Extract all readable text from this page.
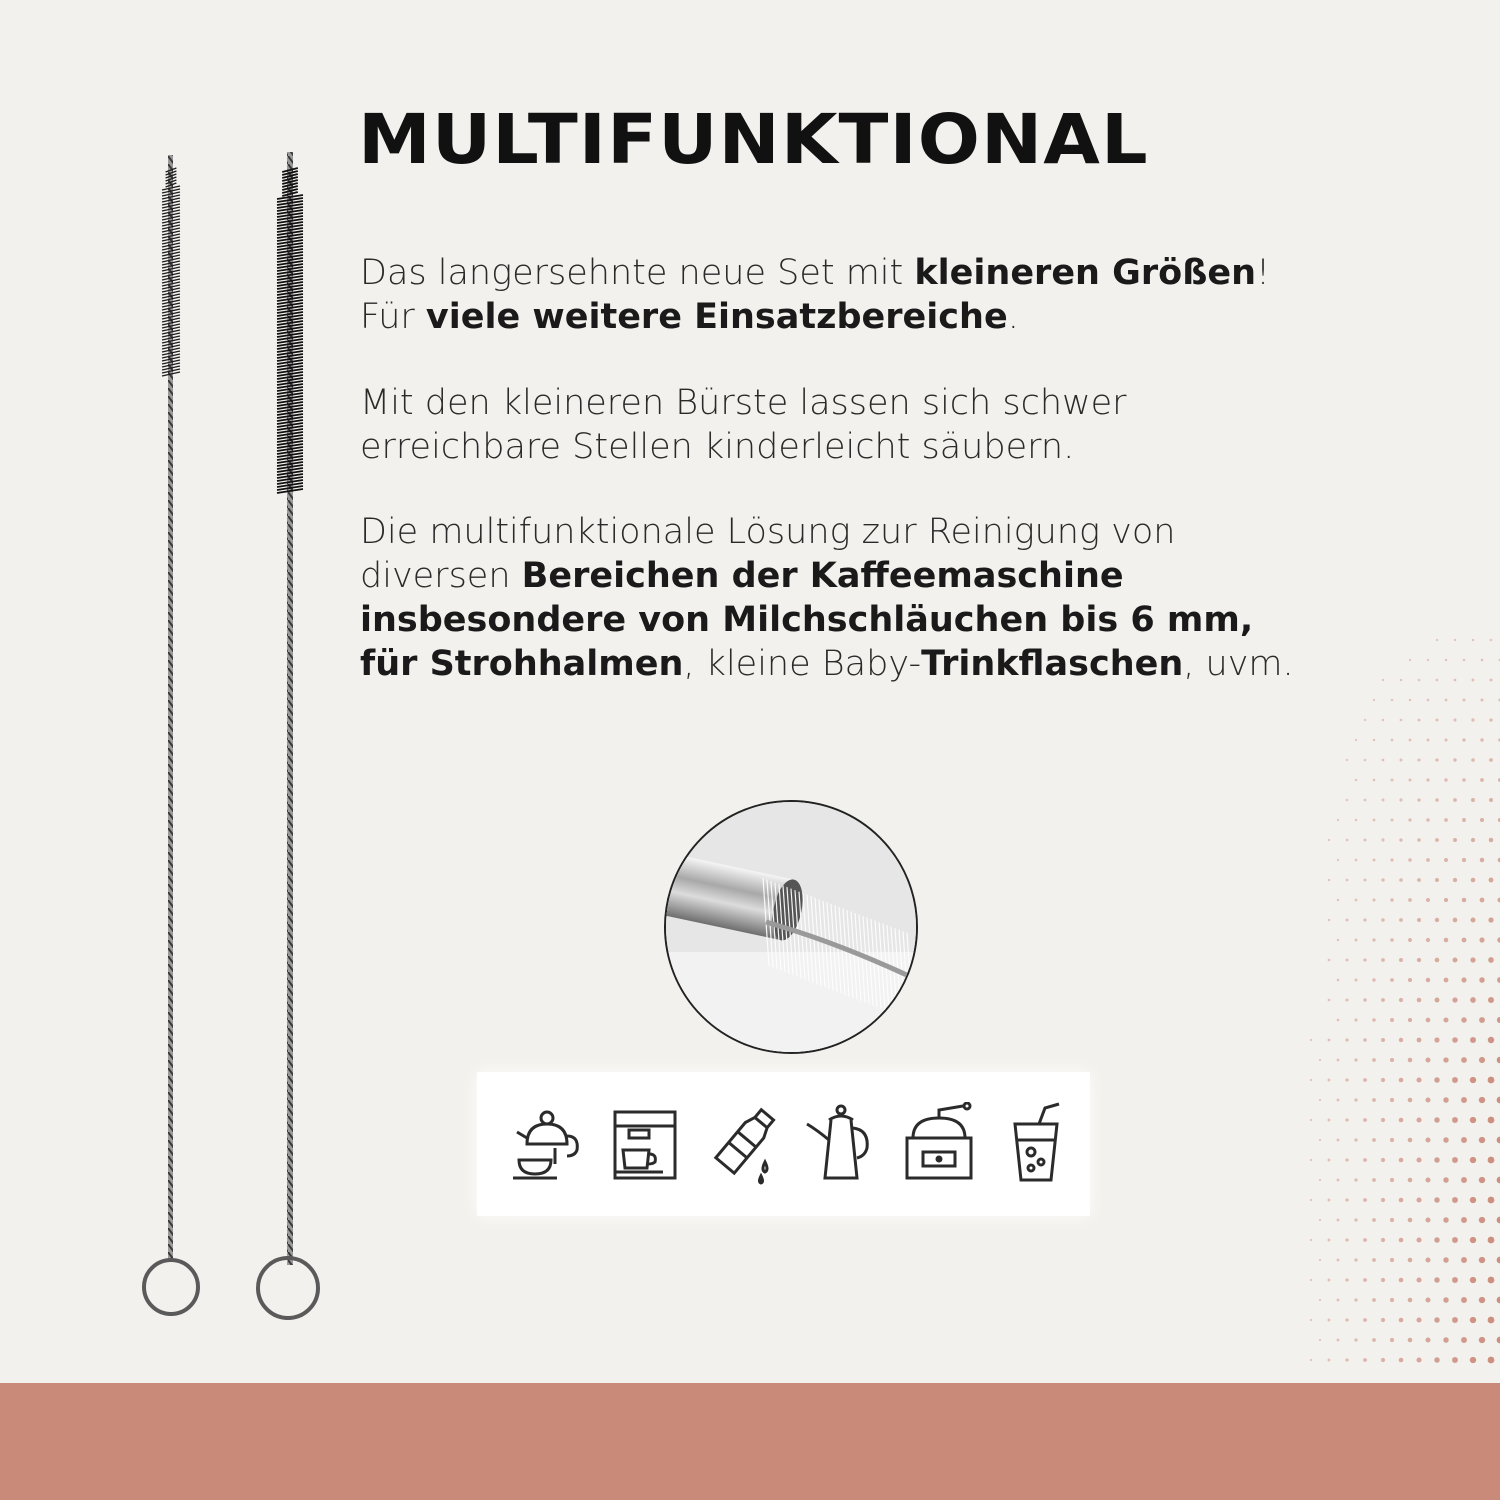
MULTIFUNKTIONAL

Das langersehnte neue Set mit kleineren Größen! Für viele weitere Einsatzbereiche.

Mit den kleineren Bürste lassen sich schwer erreichbare Stellen kinderleicht säubern.

Die multifunktionale Lösung zur Reinigung von diversen Bereichen der Kaffeemaschine insbesondere von Milchschläuchen bis 6 mm, für Strohhalmen, kleine Baby-Trinkflaschen, uvm.
